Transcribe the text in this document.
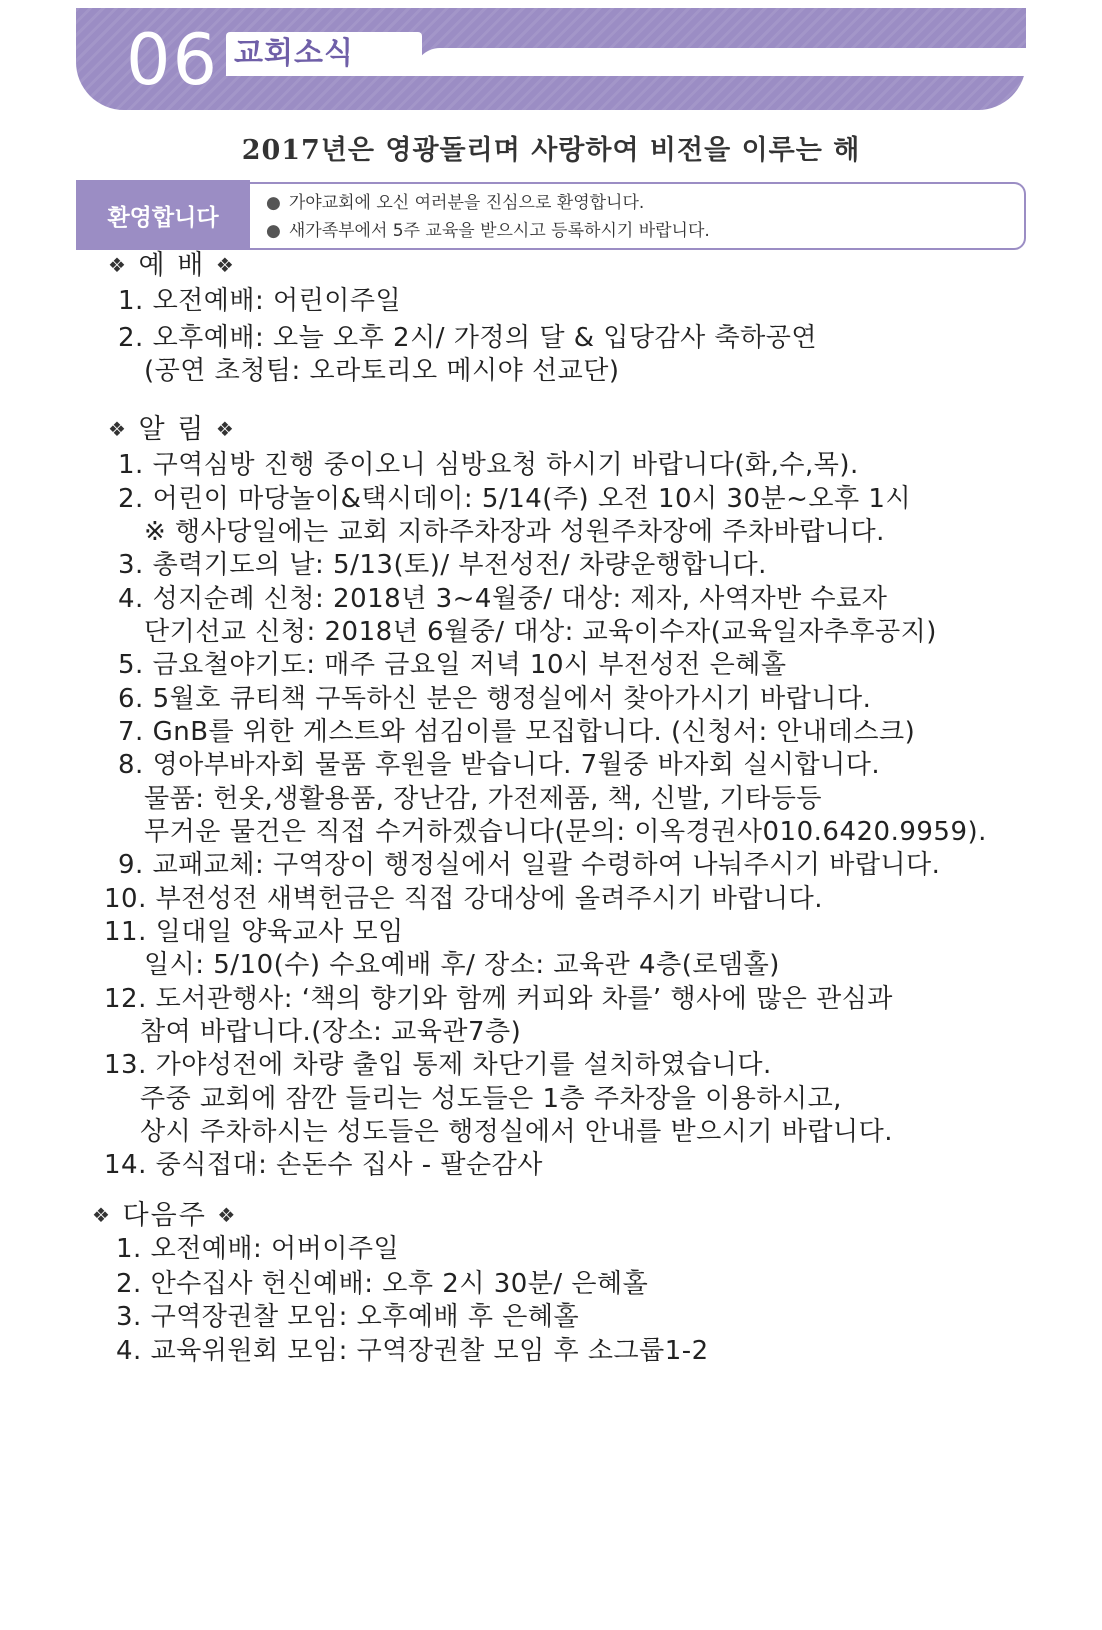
06 교회소식
2017년은 영광돌리며 사랑하여 비전을 이루는 해
환영합니다
● 가야교회에 오신 여러분을 진심으로 환영합니다.
● 새가족부에서 5주 교육을 받으시고 등록하시기 바랍니다.
❖ 예 배 ❖
1. 오전예배: 어린이주일
2. 오후예배: 오늘 오후 2시/ 가정의 달 & 입당감사 축하공연
(공연 초청팀: 오라토리오 메시야 선교단)
❖ 알 림 ❖
1. 구역심방 진행 중이오니 심방요청 하시기 바랍니다(화,수,목).
2. 어린이 마당놀이&택시데이: 5/14(주) 오전 10시 30분~오후 1시
※ 행사당일에는 교회 지하주차장과 성원주차장에 주차바랍니다.
3. 총력기도의 날: 5/13(토)/ 부전성전/ 차량운행합니다.
4. 성지순례 신청: 2018년 3~4월중/ 대상: 제자, 사역자반 수료자
단기선교 신청: 2018년 6월중/ 대상: 교육이수자(교육일자추후공지)
5. 금요철야기도: 매주 금요일 저녁 10시 부전성전 은혜홀
6. 5월호 큐티책 구독하신 분은 행정실에서 찾아가시기 바랍니다.
7. GnB를 위한 게스트와 섬김이를 모집합니다. (신청서: 안내데스크)
8. 영아부바자회 물품 후원을 받습니다. 7월중 바자회 실시합니다.
물품: 헌옷,생활용품, 장난감, 가전제품, 책, 신발, 기타등등
무거운 물건은 직접 수거하겠습니다(문의: 이옥경권사010.6420.9959).
9. 교패교체: 구역장이 행정실에서 일괄 수령하여 나눠주시기 바랍니다.
10. 부전성전 새벽헌금은 직접 강대상에 올려주시기 바랍니다.
11. 일대일 양육교사 모임
일시: 5/10(수) 수요예배 후/ 장소: 교육관 4층(로뎀홀)
12. 도서관행사: ‘책의 향기와 함께 커피와 차를’ 행사에 많은 관심과
참여 바랍니다.(장소: 교육관7층)
13. 가야성전에 차량 출입 통제 차단기를 설치하였습니다.
주중 교회에 잠깐 들리는 성도들은 1층 주차장을 이용하시고,
상시 주차하시는 성도들은 행정실에서 안내를 받으시기 바랍니다.
14. 중식접대: 손돈수 집사 - 팔순감사
❖ 다음주 ❖
1. 오전예배: 어버이주일
2. 안수집사 헌신예배: 오후 2시 30분/ 은혜홀
3. 구역장권찰 모임: 오후예배 후 은혜홀
4. 교육위원회 모임: 구역장권찰 모임 후 소그룹1-2
